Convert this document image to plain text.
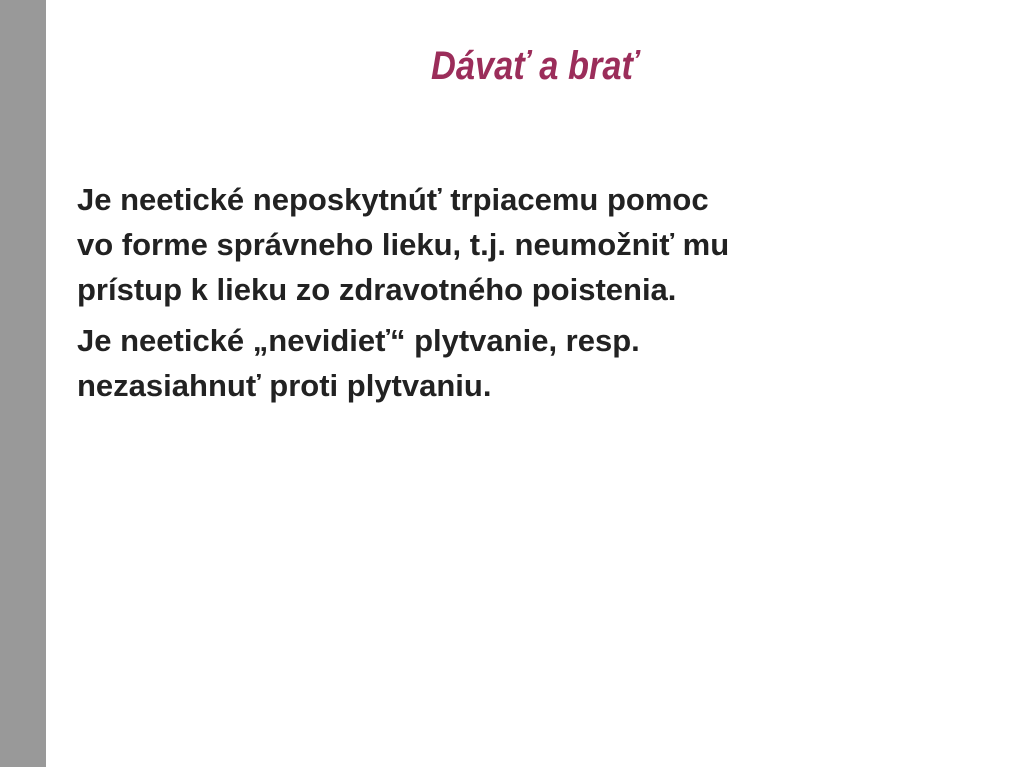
Dávať a brať

Je neetické neposkytnúť trpiacemu pomoc
vo forme správneho lieku, t.j. neumožniť mu
prístup k lieku zo zdravotného poistenia.

Je neetické „nevidieť“ plytvanie, resp.
nezasiahnuť proti plytvaniu.
